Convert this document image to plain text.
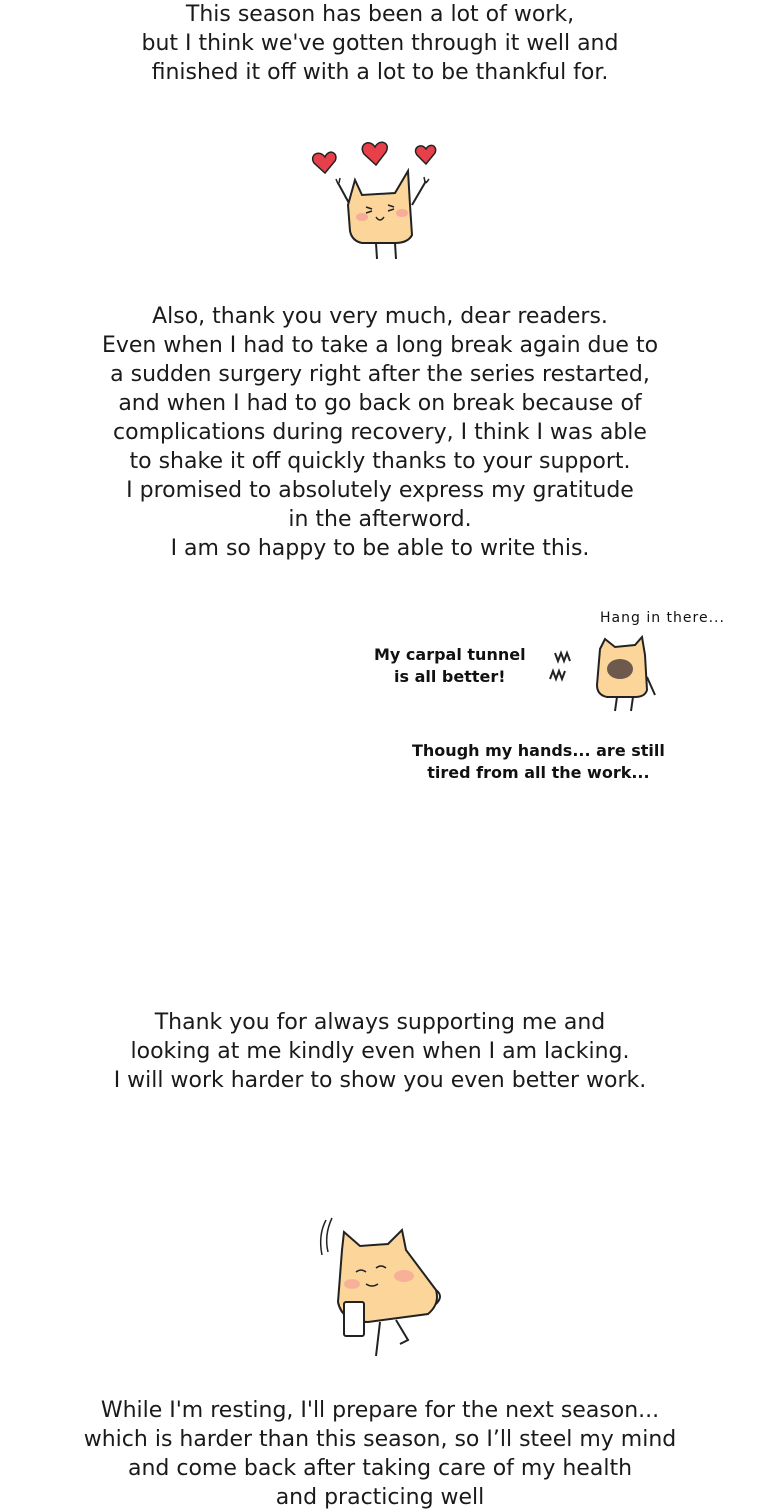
This season has been a lot of work,
but I think we've gotten through it well and
finished it off with a lot to be thankful for.
Also, thank you very much, dear readers.
Even when I had to take a long break again due to
a sudden surgery right after the series restarted,
and when I had to go back on break because of
complications during recovery, I think I was able
to shake it off quickly thanks to your support.
I promised to absolutely express my gratitude
in the afterword.
I am so happy to be able to write this.
Hang in there...
My carpal tunnel
is all better!
Though my hands... are still
tired from all the work...
Thank you for always supporting me and
looking at me kindly even when I am lacking.
I will work harder to show you even better work.
While I'm resting, I'll prepare for the next season...
which is harder than this season, so I’ll steel my mind
and come back after taking care of my health
and practicing well
